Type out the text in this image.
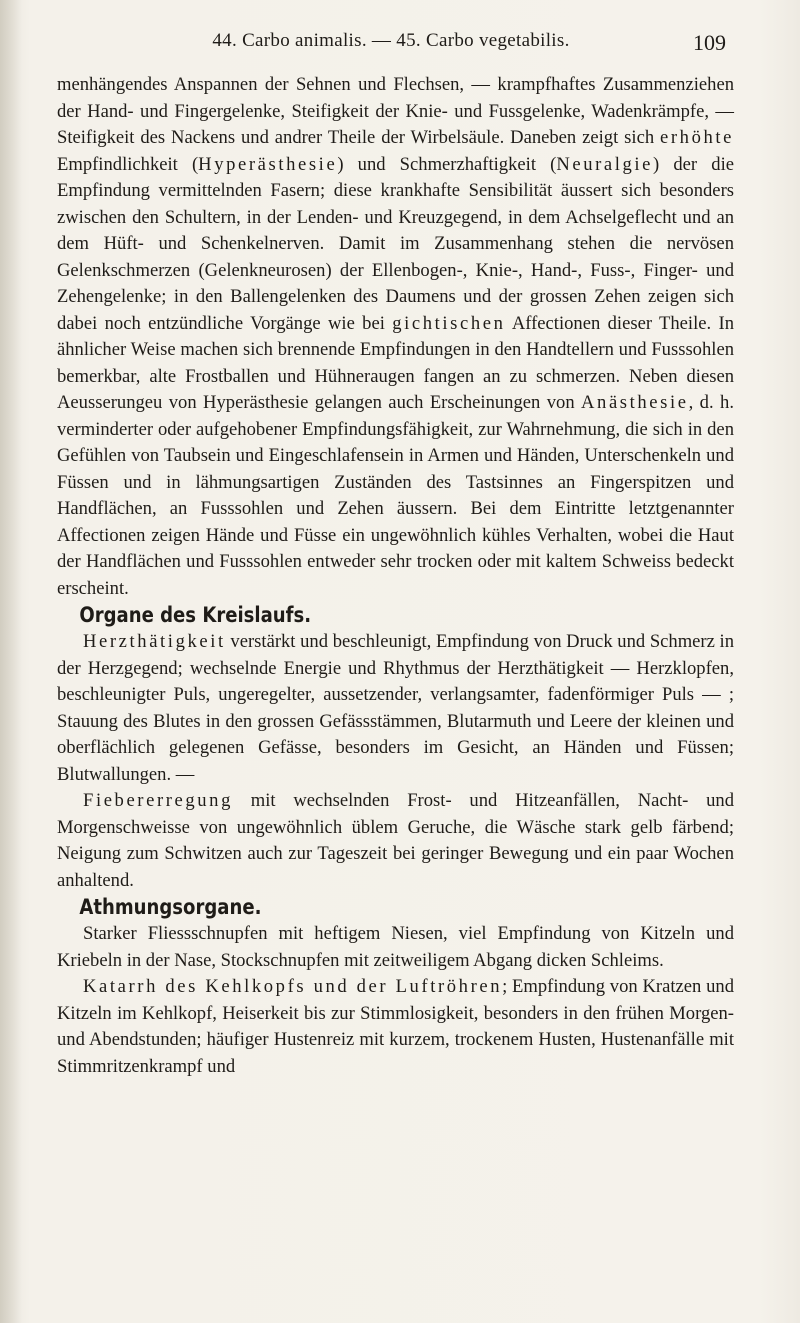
44. Carbo animalis. — 45. Carbo vegetabilis.	109

menhängendes Anspannen der Sehnen und Flechsen, — krampfhaftes Zusammenziehen der Hand- und Fingergelenke, Steifigkeit der Knie- und Fussgelenke, Wadenkrämpfe, — Steifigkeit des Nackens und andrer Theile der Wirbelsäule. Daneben zeigt sich erhöhte Empfindlichkeit (Hyperästhesie) und Schmerzhaftigkeit (Neuralgie) der die Empfindung vermittelnden Fasern; diese krankhafte Sensibilität äussert sich besonders zwischen den Schultern, in der Lenden- und Kreuzgegend, in dem Achselgeflecht und an dem Hüft- und Schenkelnerven. Damit im Zusammenhang stehen die nervösen Gelenkschmerzen (Gelenkneurosen) der Ellenbogen-, Knie-, Hand-, Fuss-, Finger- und Zehengelenke; in den Ballengelenken des Daumens und der grossen Zehen zeigen sich dabei noch entzündliche Vorgänge wie bei gichtischen Affectionen dieser Theile. In ähnlicher Weise machen sich brennende Empfindungen in den Handtellern und Fusssohlen bemerkbar, alte Frostballen und Hühneraugen fangen an zu schmerzen. Neben diesen Aeusserungeu von Hyperästhesie gelangen auch Erscheinungen von Anästhesie, d. h. verminderter oder aufgehobener Empfindungsfähigkeit, zur Wahrnehmung, die sich in den Gefühlen von Taubsein und Eingeschlafensein in Armen und Händen, Unterschenkeln und Füssen und in lähmungsartigen Zuständen des Tastsinnes an Fingerspitzen und Handflächen, an Fusssohlen und Zehen äussern. Bei dem Eintritte letztgenannter Affectionen zeigen Hände und Füsse ein ungewöhnlich kühles Verhalten, wobei die Haut der Handflächen und Fusssohlen entweder sehr trocken oder mit kaltem Schweiss bedeckt erscheint.

Organe des Kreislaufs.

Herzthätigkeit verstärkt und beschleunigt, Empfindung von Druck und Schmerz in der Herzgegend; wechselnde Energie und Rhythmus der Herzthätigkeit — Herzklopfen, beschleunigter Puls, ungeregelter, aussetzender, verlangsamter, fadenförmiger Puls — ; Stauung des Blutes in den grossen Gefässstämmen, Blutarmuth und Leere der kleinen und oberflächlich gelegenen Gefässe, besonders im Gesicht, an Händen und Füssen; Blutwallungen. —

Fiebererregung mit wechselnden Frost- und Hitzeanfällen, Nacht- und Morgenschweisse von ungewöhnlich üblem Geruche, die Wäsche stark gelb färbend; Neigung zum Schwitzen auch zur Tageszeit bei geringer Bewegung und ein paar Wochen anhaltend.

Athmungsorgane.

Starker Fliessschnupfen mit heftigem Niesen, viel Empfindung von Kitzeln und Kriebeln in der Nase, Stockschnupfen mit zeitweiligem Abgang dicken Schleims.

Katarrh des Kehlkopfs und der Luftröhren; Empfindung von Kratzen und Kitzeln im Kehlkopf, Heiserkeit bis zur Stimmlosigkeit, besonders in den frühen Morgen- und Abendstunden; häufiger Hustenreiz mit kurzem, trockenem Husten, Hustenanfälle mit Stimmritzenkrampf und
